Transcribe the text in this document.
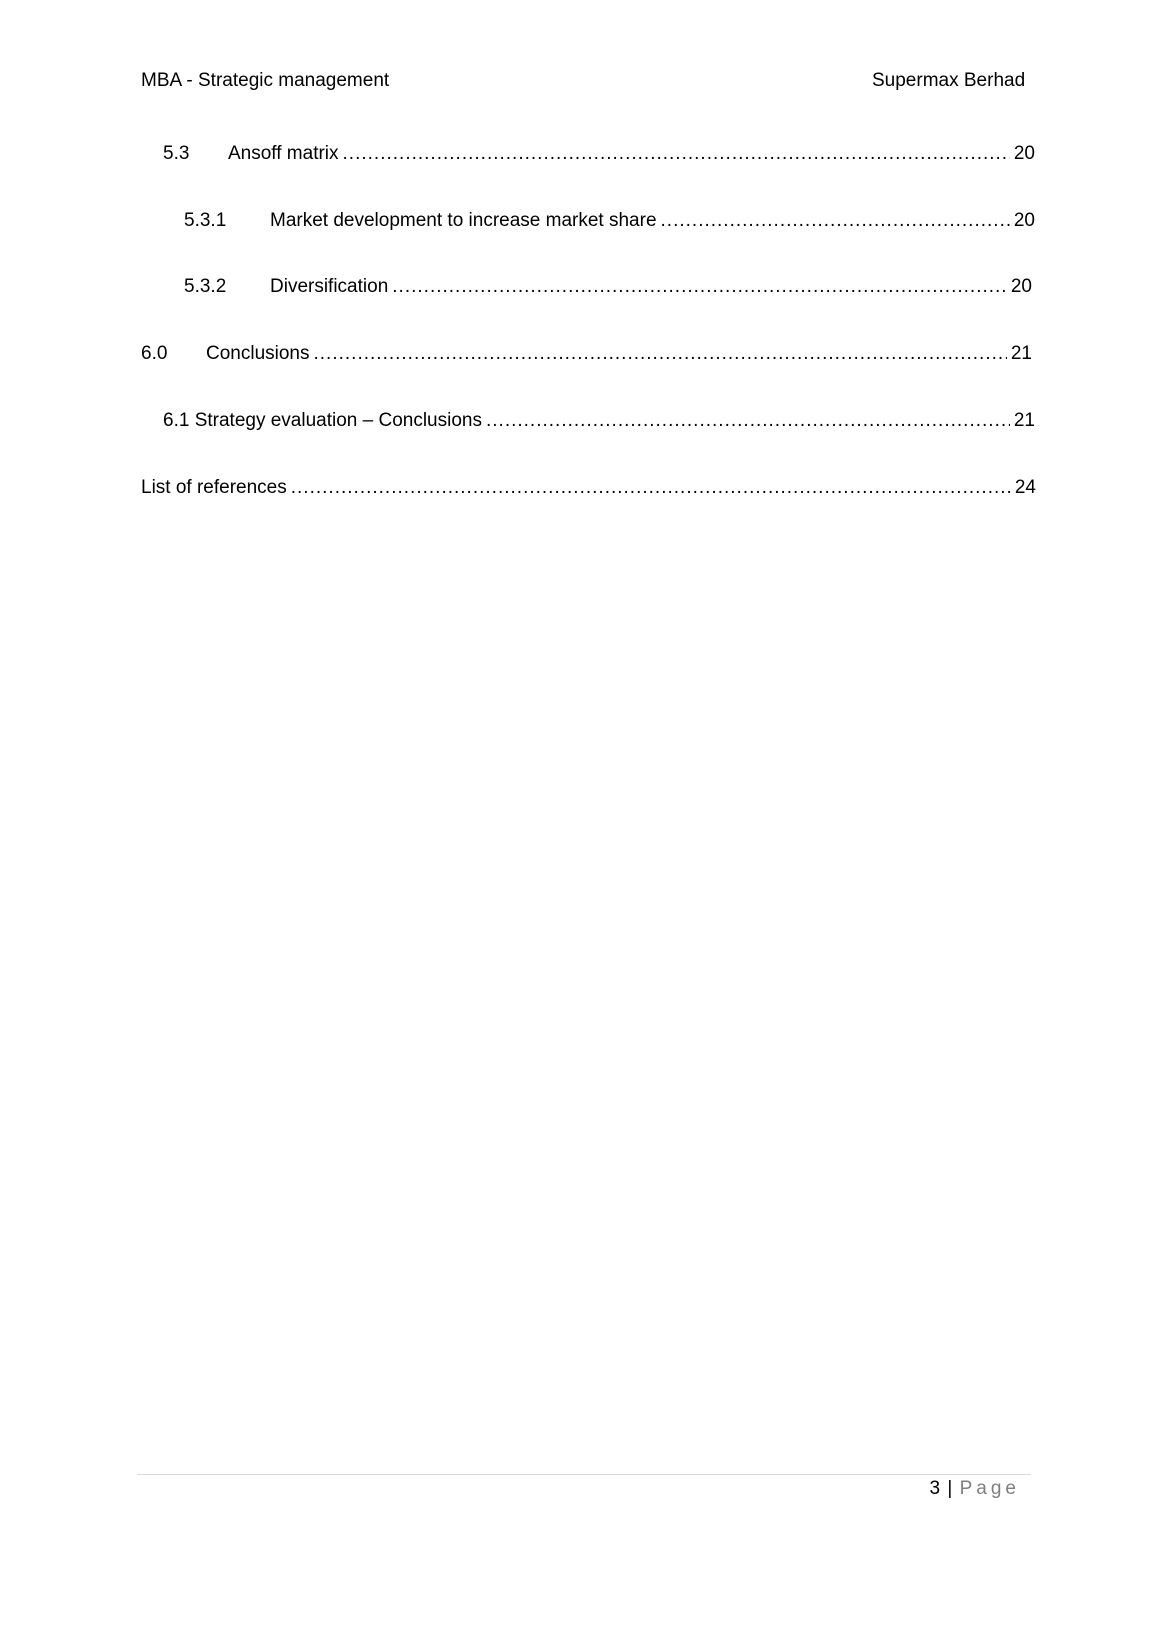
MBA - Strategic management	Supermax Berhad
5.3	Ansoff matrix .....	20
5.3.1	Market development to increase market share .....	20
5.3.2	Diversification .....	20
6.0	Conclusions .....	21
6.1 Strategy evaluation – Conclusions .....	21
List of references .....	24
3 | Page
